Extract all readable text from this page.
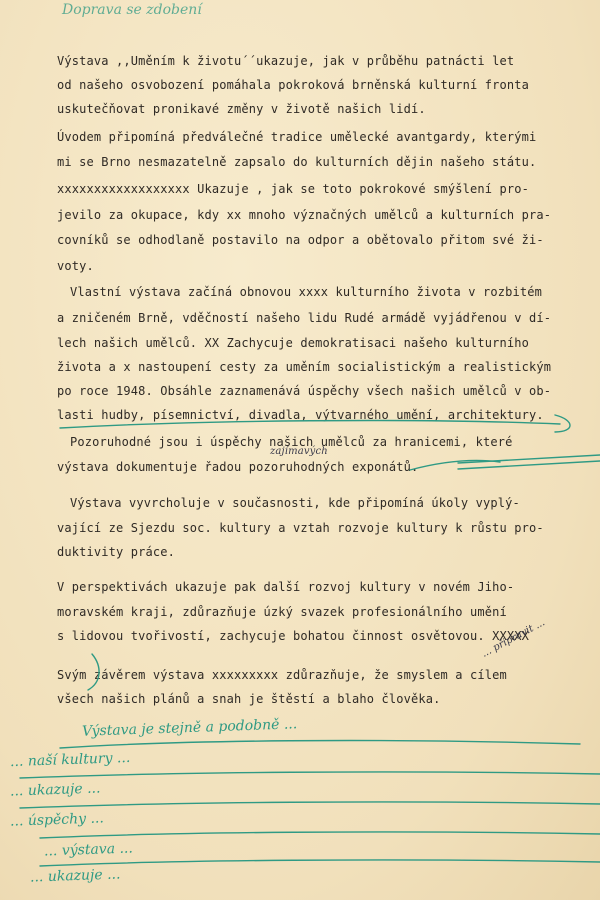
Doprava se zdobení
Výstava ,,Uměním k životu´´ukazuje, jak v průběhu patnácti let
od našeho osvobození pomáhala pokroková brněnská kulturní fronta
uskutečňovat pronikavé změny v životě našich lidí.
Úvodem připomíná předválečné tradice umělecké avantgardy, kterými
mi se Brno nesmazatelně zapsalo do kulturních dějin našeho státu.
xxxxxxxxxxxxxxxxxx Ukazuje , jak se toto pokrokové smýšlení pro-
jevilo za okupace, kdy xx mnoho význačných umělců a kulturních pra-
covníků se odhodlaně postavilo na odpor a obětovalo přitom své ži-
voty.
Vlastní výstava začíná obnovou xxxx kulturního života v rozbitém
a zničeném Brně, vděčností našeho lidu Rudé armádě vyjádřenou v dí-
lech našich umělců. XX Zachycuje demokratisaci našeho kulturního
života a x nastoupení cesty za uměním socialistickým a realistickým
po roce 1948. Obsáhle zaznamenává úspěchy všech našich umělců v ob-
lasti hudby, písemnictví, divadla, výtvarného umění, architektury.
Pozoruhodné jsou i úspěchy našich umělců za hranicemi, které
zajímavých
výstava dokumentuje řadou pozoruhodných exponátů.
Výstava vyvrcholuje v současnosti, kde připomíná úkoly vyplý-
vající ze Sjezdu soc. kultury a vztah rozvoje kultury k růstu pro-
duktivity práce.
V perspektivách ukazuje pak další rozvoj kultury v novém Jiho-
moravském kraji, zdůrazňuje úzký svazek profesionálního umění
s lidovou tvořivostí, zachycuje bohatou činnost osvětovou. XXXXX
Svým závěrem výstava xxxxxxxxx zdůrazňuje, že smyslem a cílem
všech našich plánů a snah je štěstí a blaho člověka.
... připravit ...
Výstava je stejně a podobně ...
... naší kultury ...
... ukazuje ...
... úspěchy ...
... výstava ...
... ukazuje ...
